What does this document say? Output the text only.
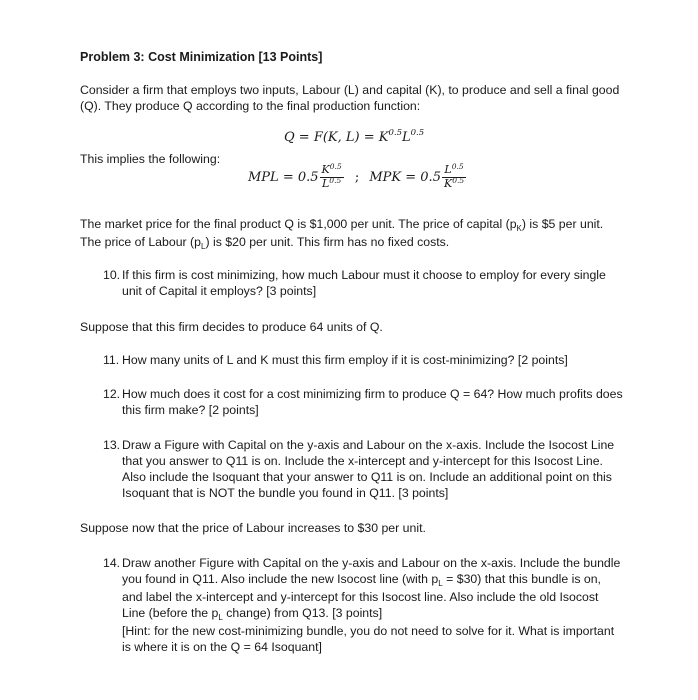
Problem 3: Cost Minimization [13 Points]
Consider a firm that employs two inputs, Labour (L) and capital (K), to produce and sell a final good (Q). They produce Q according to the final production function:
Q = F(K, $L) = K^{0.5}L^{0.5}$
This implies the following:
MPL = $0.5 \frac{K^{0.5}}{L^{0.5}}$ ; MPK = $0.5 \frac{L^{0.5}}{K^{0.5}}$
The market price for the final product Q is $1,000 per unit. The price of capital $(p_K)$ is $5 per unit. The price of Labour $(p_L)$ is $20 per unit. This firm has no fixed costs.
10. If this firm is cost minimizing, how much Labour must it choose to employ for every single unit of Capital it employs? [3 points]
Suppose that this firm decides to produce 64 units of Q.
11. How many units of L and K must this firm employ if it is cost-minimizing? [2 points]
12. How much does it cost for a cost minimizing firm to produce Q = 64? How much profits does this firm make? [2 points]
13. Draw a Figure with Capital on the y-axis and Labour on the x-axis. Include the Isocost Line that you answer to Q11 is on. Include the x-intercept and y-intercept for this Isocost Line. Also include the Isoquant that your answer to Q11 is on. Include an additional point on this Isoquant that is NOT the bundle you found in Q11. [3 points]
Suppose now that the price of Labour increases to $30 per unit.
14. Draw another Figure with Capital on the y-axis and Labour on the x-axis. Include the bundle you found in Q11. Also include the new Isocost line (with $p_L$ = $30) that this bundle is on, and label the x-intercept and y-intercept for this Isocost line. Also include the old Isocost Line (before the $p_L$ change) from Q13. [3 points]
[Hint: for the new cost-minimizing bundle, you do not need to solve for it. What is important is where it is on the Q = 64 Isoquant]
